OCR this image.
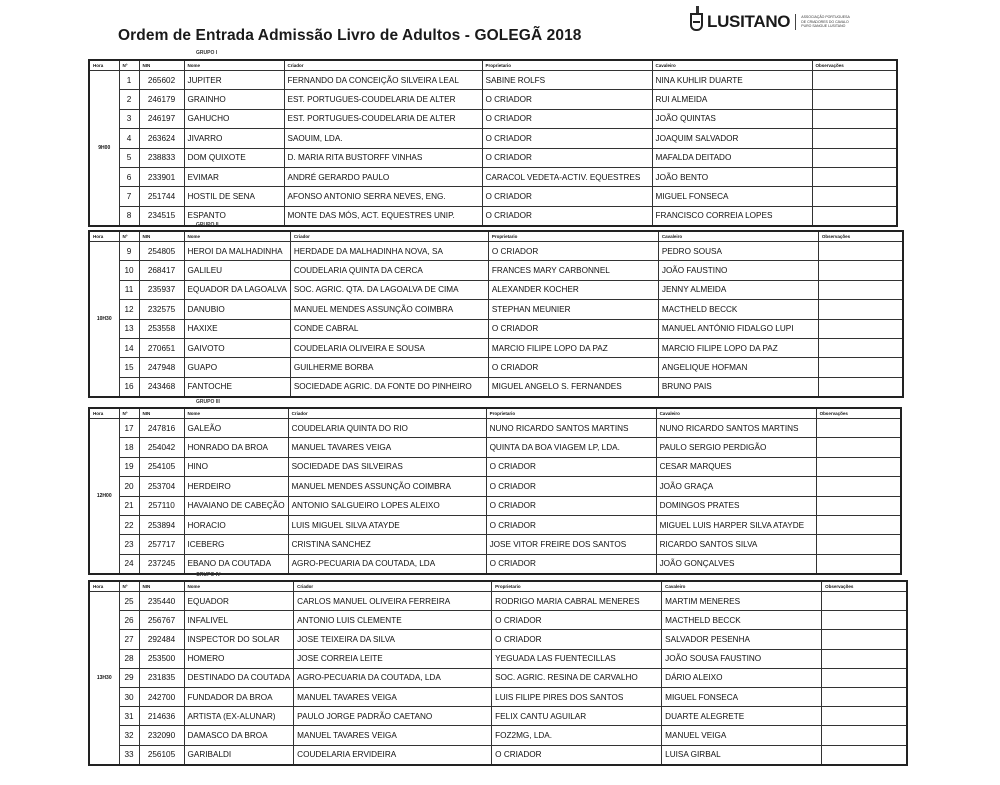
Ordem de Entrada Admissão Livro de Adultos - GOLEGÃ 2018
LUSITANO	ASSOCIAÇÃO PORTUGUESA DE CRIADORES DO CAVALO PURO SANGUE LUSITANO
GRUPO I
Hora	Nº	NIN	Nome	Criador	Proprietario	Cavaleiro	Observações
9H00	1	265602	JUPITER	FERNANDO DA CONCEIÇÃO SILVEIRA LEAL	SABINE ROLFS	NINA KUHLIR DUARTE	
	2	246179	GRAINHO	EST. PORTUGUES-COUDELARIA DE ALTER	O CRIADOR	RUI ALMEIDA	
	3	246197	GAHUCHO	EST. PORTUGUES-COUDELARIA DE ALTER	O CRIADOR	JOÃO QUINTAS	
	4	263624	JIVARRO	SAOUIM, LDA.	O CRIADOR	JOAQUIM SALVADOR	
	5	238833	DOM QUIXOTE	D. MARIA RITA BUSTORFF VINHAS	O CRIADOR	MAFALDA DEITADO	
	6	233901	EVIMAR	ANDRÉ GERARDO PAULO	CARACOL VEDETA-ACTIV. EQUESTRES	JOÃO BENTO	
	7	251744	HOSTIL DE SENA	AFONSO ANTONIO SERRA NEVES, ENG.	O CRIADOR	MIGUEL FONSECA	
	8	234515	ESPANTO	MONTE DAS MÓS, ACT. EQUESTRES UNIP.	O CRIADOR	FRANCISCO CORREIA LOPES	
GRUPO II
Hora	Nº	NIN	Nome	Criador	Proprietario	Cavaleiro	Observações
10H30	9	254805	HEROI DA MALHADINHA	HERDADE DA MALHADINHA NOVA, SA	O CRIADOR	PEDRO SOUSA	
	10	268417	GALILEU	COUDELARIA QUINTA DA CERCA	FRANCES MARY CARBONNEL	JOÃO FAUSTINO	
	11	235937	EQUADOR DA LAGOALVA	SOC. AGRIC. QTA. DA LAGOALVA DE CIMA	ALEXANDER KOCHER	JENNY ALMEIDA	
	12	232575	DANUBIO	MANUEL MENDES ASSUNÇÃO COIMBRA	STEPHAN MEUNIER	MACTHELD BECCK	
	13	253558	HAXIXE	CONDE CABRAL	O CRIADOR	MANUEL ANTÓNIO FIDALGO LUPI	
	14	270651	GAIVOTO	COUDELARIA OLIVEIRA E SOUSA	MARCIO FILIPE LOPO DA PAZ	MARCIO FILIPE LOPO DA PAZ	
	15	247948	GUAPO	GUILHERME BORBA	O CRIADOR	ANGELIQUE HOFMAN	
	16	243468	FANTOCHE	SOCIEDADE AGRIC. DA FONTE DO PINHEIRO	MIGUEL ANGELO S. FERNANDES	BRUNO PAIS	
GRUPO III
Hora	Nº	NIN	Nome	Criador	Proprietario	Cavaleiro	Observações
12H00	17	247816	GALEÃO	COUDELARIA QUINTA DO RIO	NUNO RICARDO SANTOS MARTINS	NUNO RICARDO SANTOS MARTINS	
	18	254042	HONRADO DA BROA	MANUEL TAVARES VEIGA	QUINTA DA BOA VIAGEM LP, LDA.	PAULO SERGIO PERDIGÃO	
	19	254105	HINO	SOCIEDADE DAS SILVEIRAS	O CRIADOR	CESAR MARQUES	
	20	253704	HERDEIRO	MANUEL MENDES ASSUNÇÃO COIMBRA	O CRIADOR	JOÃO GRAÇA	
	21	257110	HAVAIANO DE CABEÇÃO	ANTONIO SALGUEIRO LOPES ALEIXO	O CRIADOR	DOMINGOS PRATES	
	22	253894	HORACIO	LUIS MIGUEL SILVA ATAYDE	O CRIADOR	MIGUEL LUIS HARPER SILVA ATAYDE	
	23	257717	ICEBERG	CRISTINA SANCHEZ	JOSE VITOR FREIRE DOS SANTOS	RICARDO SANTOS SILVA	
	24	237245	EBANO DA COUTADA	AGRO-PECUARIA DA COUTADA, LDA	O CRIADOR	JOÃO GONÇALVES	
GRUPO IV
Hora	Nº	NIN	Nome	Criador	Proprietario	Cavaleiro	Observações
13H30	25	235440	EQUADOR	CARLOS MANUEL OLIVEIRA FERREIRA	RODRIGO MARIA CABRAL MENERES	MARTIM MENERES	
	26	256767	INFALIVEL	ANTONIO LUIS CLEMENTE	O CRIADOR	MACTHELD BECCK	
	27	292484	INSPECTOR DO SOLAR	JOSE TEIXEIRA DA SILVA	O CRIADOR	SALVADOR PESENHA	
	28	253500	HOMERO	JOSE CORREIA LEITE	YEGUADA LAS FUENTECILLAS	JOÃO SOUSA FAUSTINO	
	29	231835	DESTINADO DA COUTADA	AGRO-PECUARIA DA COUTADA, LDA	SOC. AGRIC. RESINA DE CARVALHO	DÁRIO ALEIXO	
	30	242700	FUNDADOR DA BROA	MANUEL TAVARES VEIGA	LUIS FILIPE PIRES DOS SANTOS	MIGUEL FONSECA	
	31	214636	ARTISTA (EX-ALUNAR)	PAULO JORGE PADRÃO CAETANO	FELIX CANTU AGUILAR	DUARTE ALEGRETE	
	32	232090	DAMASCO DA BROA	MANUEL TAVARES VEIGA	FOZ2MG, LDA.	MANUEL VEIGA	
	33	256105	GARIBALDI	COUDELARIA ERVIDEIRA	O CRIADOR	LUISA GIRBAL	
